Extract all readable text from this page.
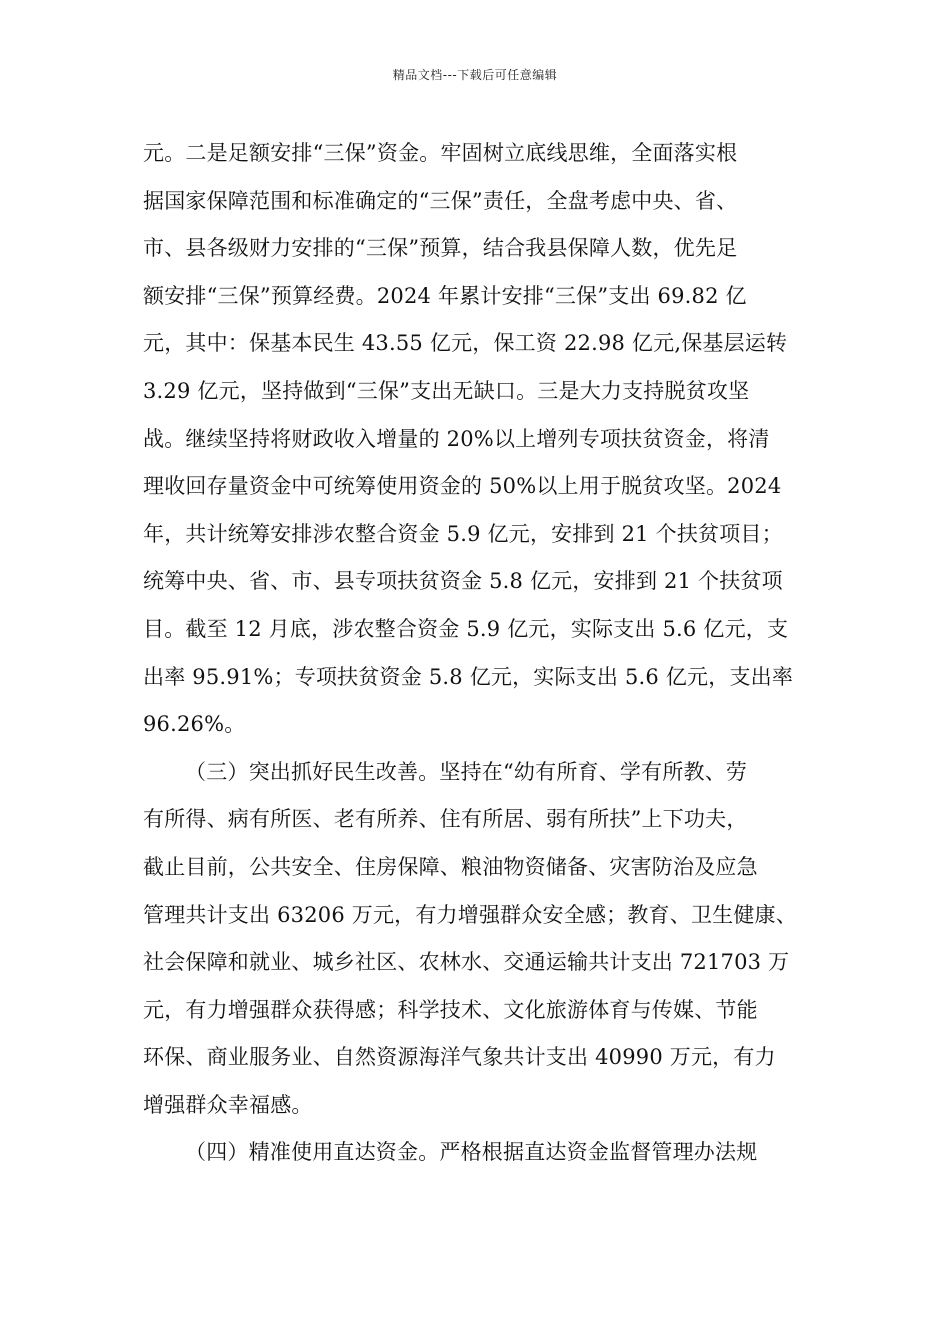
精品文档---下载后可任意编辑
元。二是足额安排“三保”资金。牢固树立底线思维，全面落实根
据国家保障范围和标准确定的“三保”责任，全盘考虑中央、省、
市、县各级财力安排的“三保”预算，结合我县保障人数，优先足
额安排“三保”预算经费。2024 年累计安排“三保”支出 69.82 亿
元，其中：保基本民生 43.55 亿元，保工资 22.98 亿元,保基层运转
3.29 亿元，坚持做到“三保”支出无缺口。三是大力支持脱贫攻坚
战。继续坚持将财政收入增量的 20%以上增列专项扶贫资金，将清
理收回存量资金中可统筹使用资金的 50%以上用于脱贫攻坚。2024
年，共计统筹安排涉农整合资金 5.9 亿元，安排到 21 个扶贫项目；
统筹中央、省、市、县专项扶贫资金 5.8 亿元，安排到 21 个扶贫项
目。截至 12 月底，涉农整合资金 5.9 亿元，实际支出 5.6 亿元，支
出率 95.91%；专项扶贫资金 5.8 亿元，实际支出 5.6 亿元，支出率
96.26%。
（三）突出抓好民生改善。坚持在“幼有所育、学有所教、劳
有所得、病有所医、老有所养、住有所居、弱有所扶”上下功夫，
截止目前，公共安全、住房保障、粮油物资储备、灾害防治及应急
管理共计支出 63206 万元，有力增强群众安全感；教育、卫生健康、
社会保障和就业、城乡社区、农林水、交通运输共计支出 721703 万
元，有力增强群众获得感；科学技术、文化旅游体育与传媒、节能
环保、商业服务业、自然资源海洋气象共计支出 40990 万元，有力
增强群众幸福感。
（四）精准使用直达资金。严格根据直达资金监督管理办法规
